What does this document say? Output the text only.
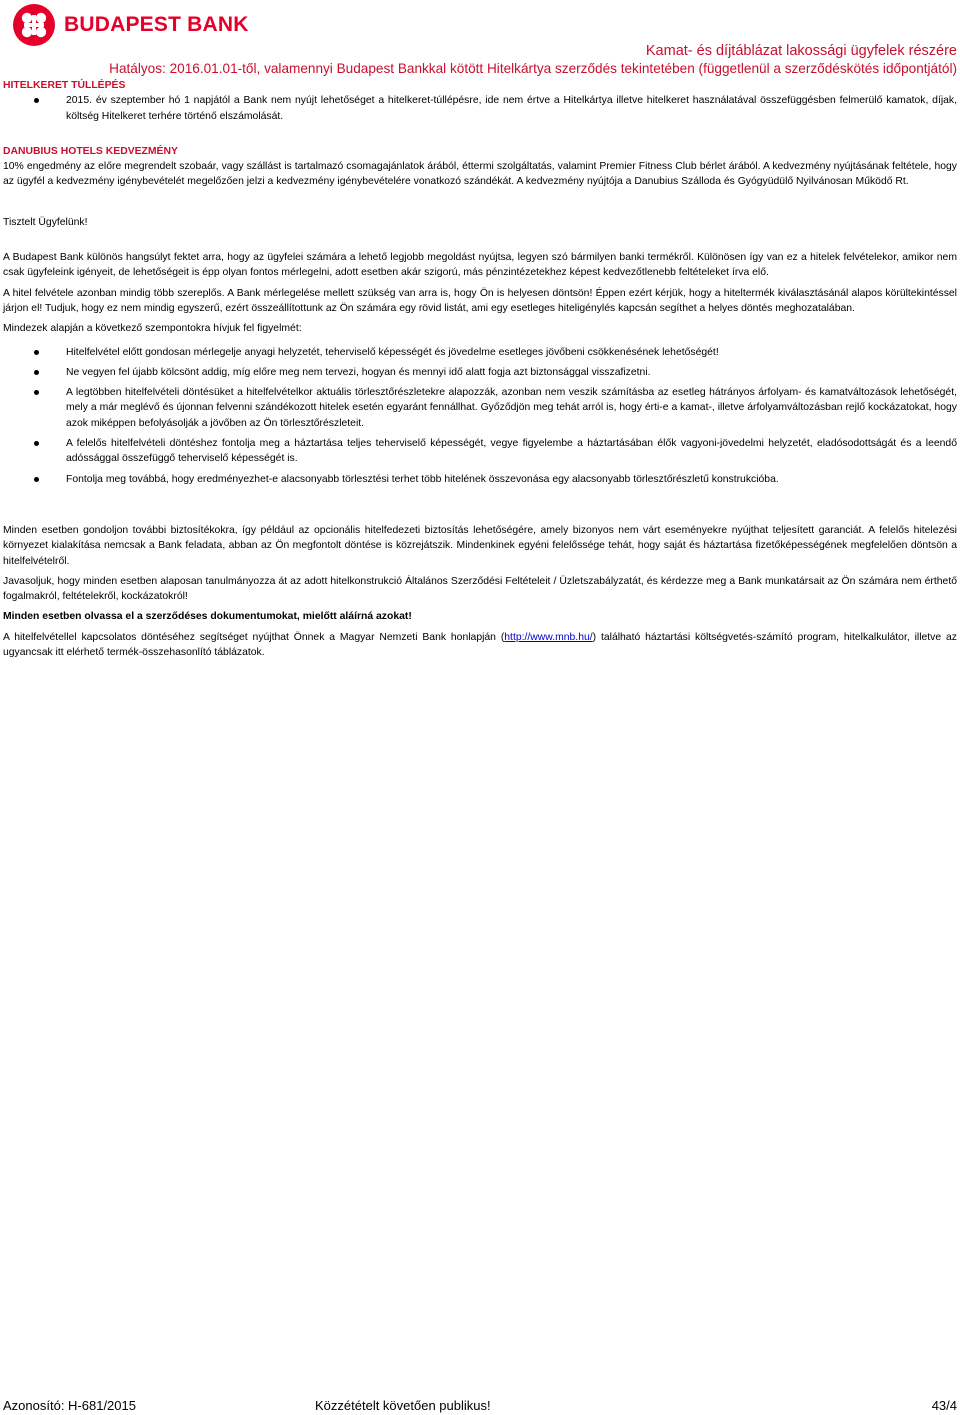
BUDAPEST BANK
Kamat- és díjtáblázat lakossági ügyfelek részére
Hatályos: 2016.01.01-től, valamennyi Budapest Bankkal kötött Hitelkártya szerződés tekintetében (függetlenül a szerződéskötés időpontjától)
HITELKERET TÚLLÉPÉS
2015. év szeptember hó 1 napjától a Bank nem nyújt lehetőséget a hitelkeret-túllépésre, ide nem értve a Hitelkártya illetve hitelkeret használatával összefüggésben felmerülő kamatok, díjak, költség Hitelkeret terhére történő elszámolását.
DANUBIUS HOTELS KEDVEZMÉNY

10% engedmény az előre megrendelt szobaár, vagy szállást is tartalmazó csomagajánlatok árából, éttermi szolgáltatás, valamint Premier Fitness Club bérlet árából. A kedvezmény nyújtásának feltétele, hogy az ügyfél a kedvezmény igénybevételét megelőzően jelzi a kedvezmény igénybevételére vonatkozó szándékát. A kedvezmény nyújtója a Danubius Szálloda és Gyógyüdülő Nyilvánosan Működő Rt.

Tisztelt Ügyfelünk!

A Budapest Bank különös hangsúlyt fektet arra, hogy az ügyfelei számára a lehető legjobb megoldást nyújtsa, legyen szó bármilyen banki termékről. Különösen így van ez a hitelek felvételekor, amikor nem csak ügyfeleink igényeit, de lehetőségeit is épp olyan fontos mérlegelni, adott esetben akár szigorú, más pénzintézetekhez képest kedvezőtlenebb feltételeket írva elő.

A hitel felvétele azonban mindig több szereplős. A Bank mérlegelése mellett szükség van arra is, hogy Ön is helyesen döntsön! Éppen ezért kérjük, hogy a hiteltermék kiválasztásánál alapos körültekintéssel járjon el! Tudjuk, hogy ez nem mindig egyszerű, ezért összeállítottunk az Ön számára egy rövid listát, ami egy esetleges hiteligénylés kapcsán segíthet a helyes döntés meghozatalában.

Mindezek alapján a következő szempontokra hívjuk fel figyelmét:

Hitelfelvétel előtt gondosan mérlegelje anyagi helyzetét, teherviselő képességét és jövedelme esetleges jövőbeni csökkenésének lehetőségét!
Ne vegyen fel újabb kölcsönt addig, míg előre meg nem tervezi, hogyan és mennyi idő alatt fogja azt biztonsággal visszafizetni.
A legtöbben hitelfelvételi döntésüket a hitelfelvételkor aktuális törlesztőrészletekre alapozzák, azonban nem veszik számításba az esetleg hátrányos árfolyam- és kamatváltozások lehetőségét, mely a már meglévő és újonnan felvenni szándékozott hitelek esetén egyaránt fennállhat. Győződjön meg tehát arról is, hogy érti-e a kamat-, illetve árfolyamváltozásban rejlő kockázatokat, hogy azok miképpen befolyásolják a jövőben az Ön törlesztőrészleteit.
A felelős hitelfelvételi döntéshez fontolja meg a háztartása teljes teherviselő képességét, vegye figyelembe a háztartásában élők vagyoni-jövedelmi helyzetét, eladósodottságát és a leendő adóssággal összefüggő teherviselő képességét is.
Fontolja meg továbbá, hogy eredményezhet-e alacsonyabb törlesztési terhet több hitelének összevonása egy alacsonyabb törlesztőrészletű konstrukcióba.

Minden esetben gondoljon további biztosítékokra, így például az opcionális hitelfedezeti biztosítás lehetőségére, amely bizonyos nem várt eseményekre nyújthat teljesített garanciát. A felelős hitelezési környezet kialakítása nemcsak a Bank feladata, abban az Ön megfontolt döntése is közrejátszik. Mindenkinek egyéni felelőssége tehát, hogy saját és háztartása fizetőképességének megfelelően döntsön a hitelfelvételről.

Javasoljuk, hogy minden esetben alaposan tanulmányozza át az adott hitelkonstrukció Általános Szerződési Feltételeit / Üzletszabályzatát, és kérdezze meg a Bank munkatársait az Ön számára nem érthető fogalmakról, feltételekről, kockázatokról!

Minden esetben olvassa el a szerződéses dokumentumokat, mielőtt aláírná azokat!

A hitelfelvétellel kapcsolatos döntéséhez segítséget nyújthat Önnek a Magyar Nemzeti Bank honlapján (http://www.mnb.hu/) található háztartási költségvetés-számító program, hitelkalkulátor, illetve az ugyancsak itt elérhető termék-összehasonlító táblázatok.

Azonosító: H-681/2015	Közzétételt követően publikus!	43/4
